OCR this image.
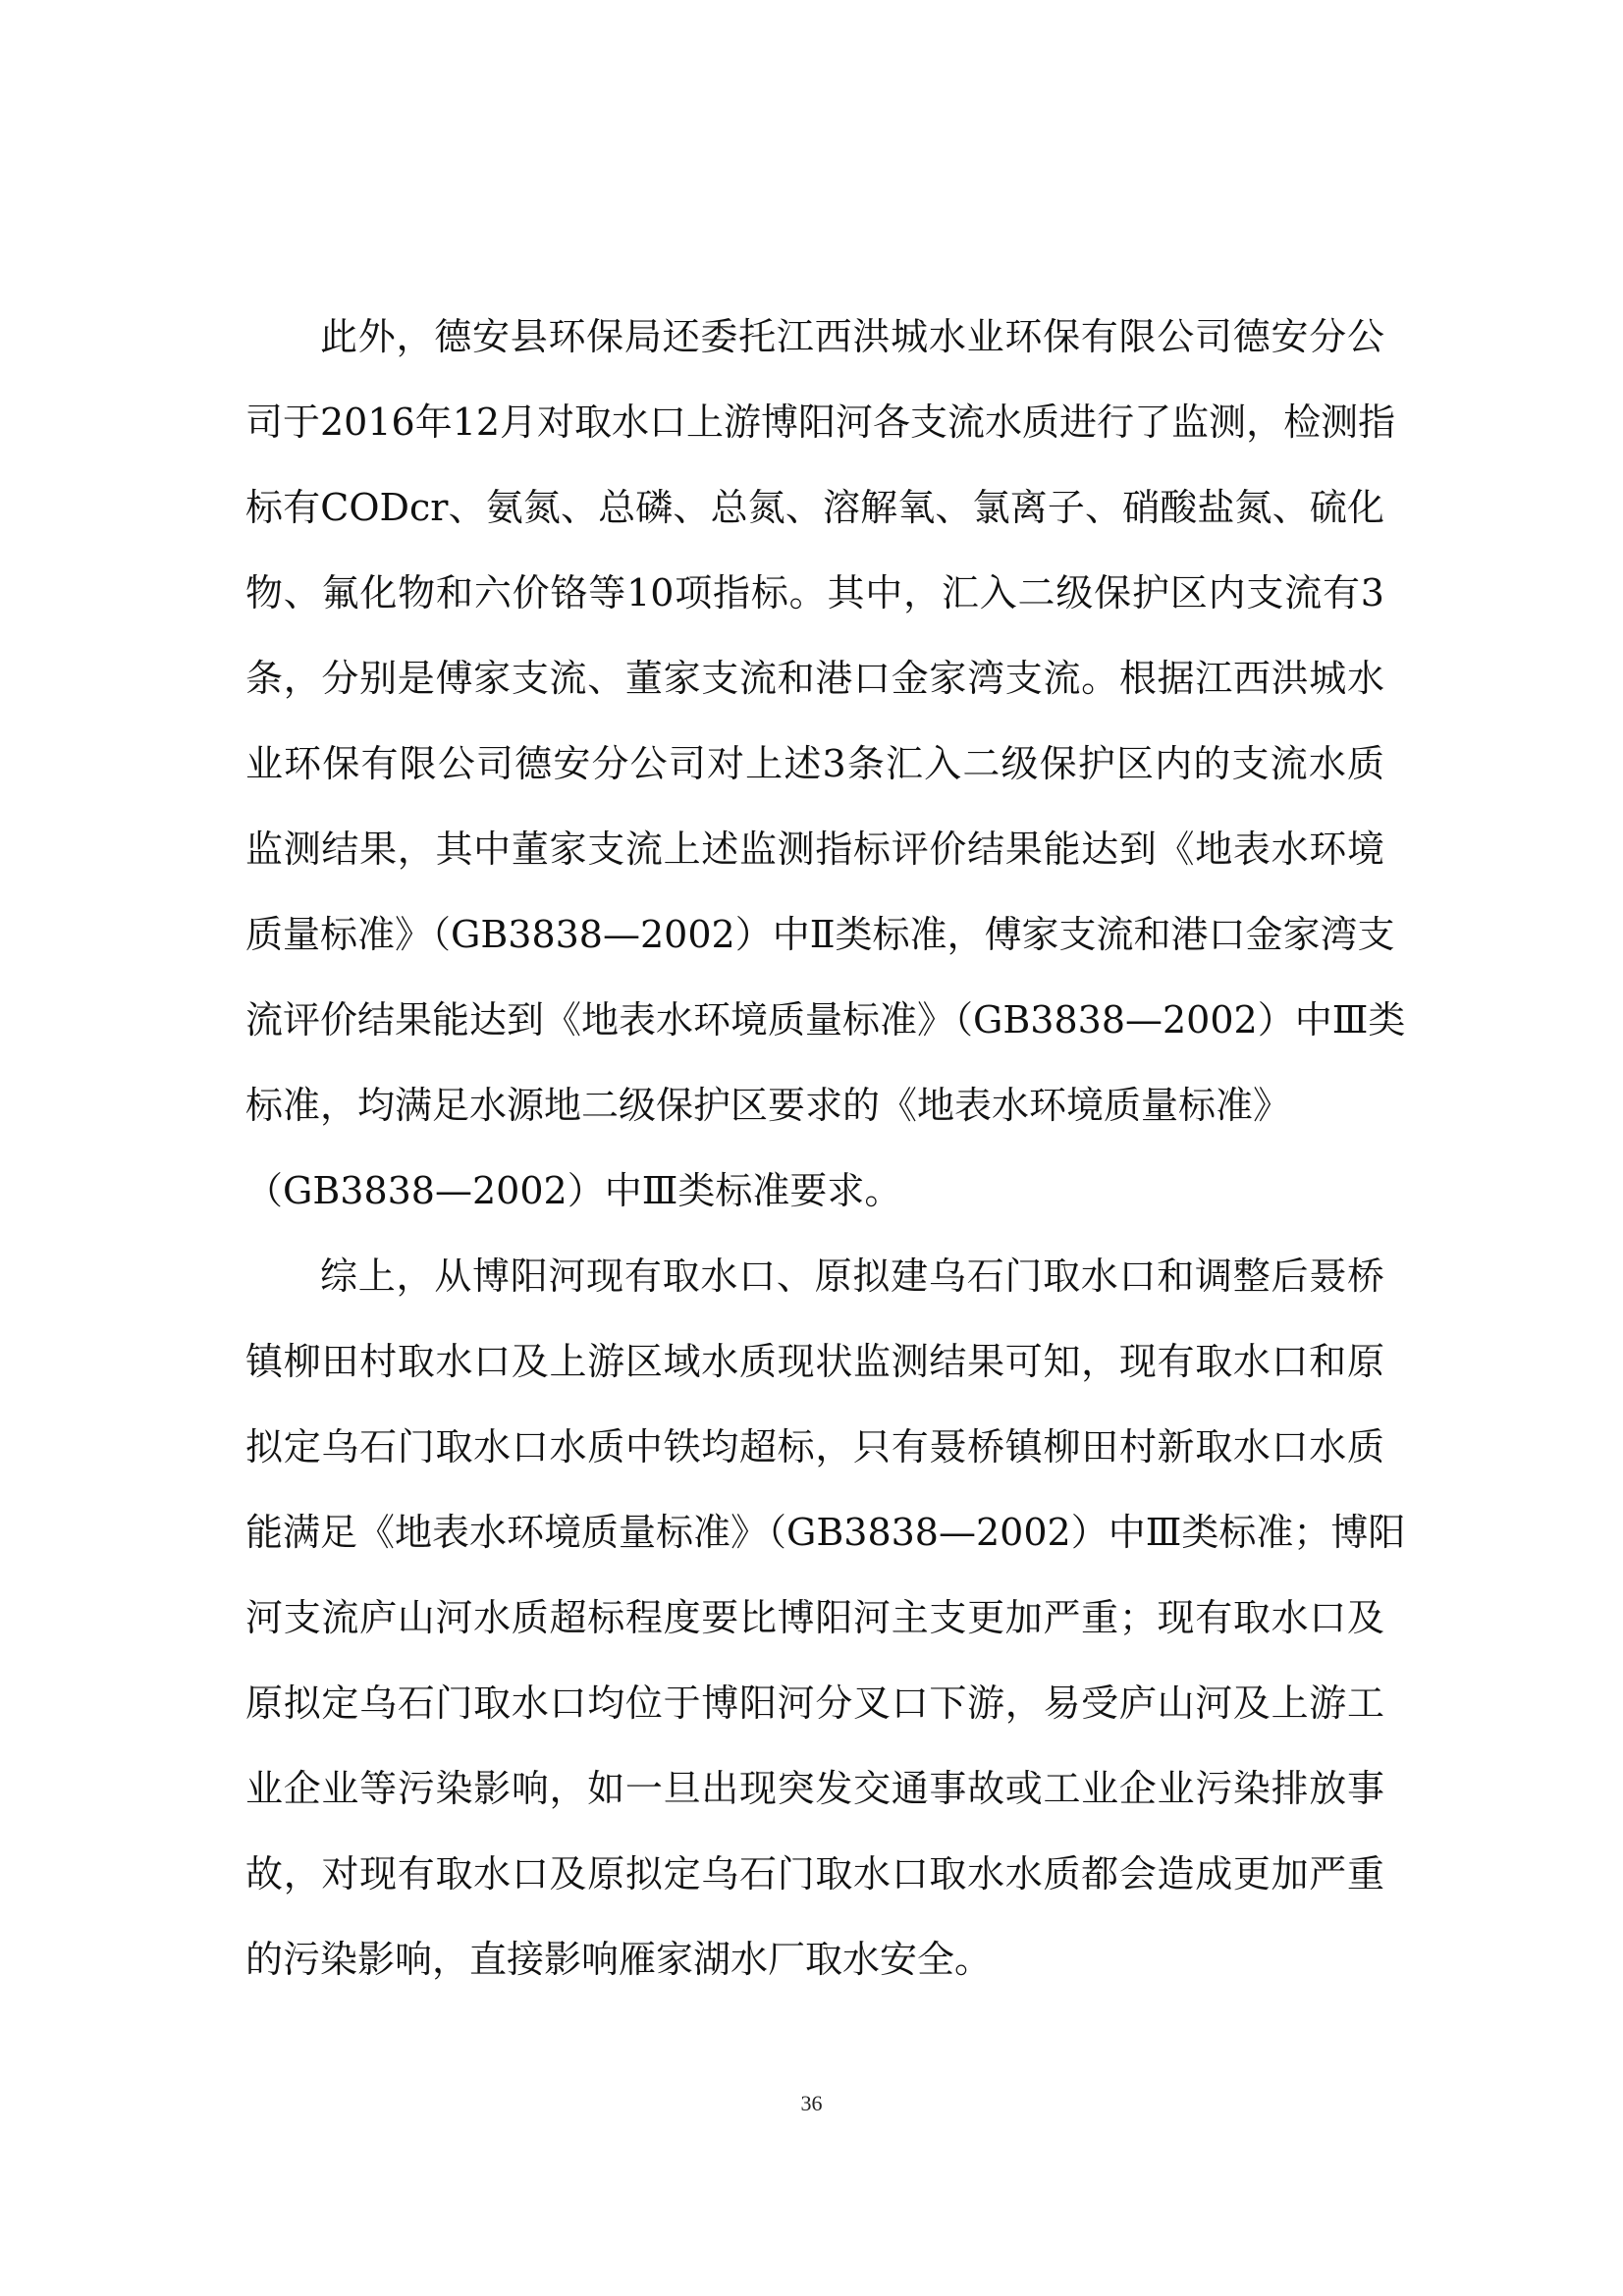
此外，德安县环保局还委托江西洪城水业环保有限公司德安分公
司于2016年12月对取水口上游博阳河各支流水质进行了监测，检测指
标有CODcr、氨氮、总磷、总氮、溶解氧、氯离子、硝酸盐氮、硫化
物、氟化物和六价铬等10项指标。其中，汇入二级保护区内支流有3
条，分别是傅家支流、董家支流和港口金家湾支流。根据江西洪城水
业环保有限公司德安分公司对上述3条汇入二级保护区内的支流水质
监测结果，其中董家支流上述监测指标评价结果能达到《地表水环境
质量标准》（GB3838—2002）中Ⅱ类标准，傅家支流和港口金家湾支
流评价结果能达到《地表水环境质量标准》（GB3838—2002）中Ⅲ类
标准，均满足水源地二级保护区要求的《地表水环境质量标准》
（GB3838—2002）中Ⅲ类标准要求。
综上，从博阳河现有取水口、原拟建乌石门取水口和调整后聂桥
镇柳田村取水口及上游区域水质现状监测结果可知，现有取水口和原
拟定乌石门取水口水质中铁均超标，只有聂桥镇柳田村新取水口水质
能满足《地表水环境质量标准》（GB3838—2002）中Ⅲ类标准；博阳
河支流庐山河水质超标程度要比博阳河主支更加严重；现有取水口及
原拟定乌石门取水口均位于博阳河分叉口下游，易受庐山河及上游工
业企业等污染影响，如一旦出现突发交通事故或工业企业污染排放事
故，对现有取水口及原拟定乌石门取水口取水水质都会造成更加严重
的污染影响，直接影响雁家湖水厂取水安全。
36
